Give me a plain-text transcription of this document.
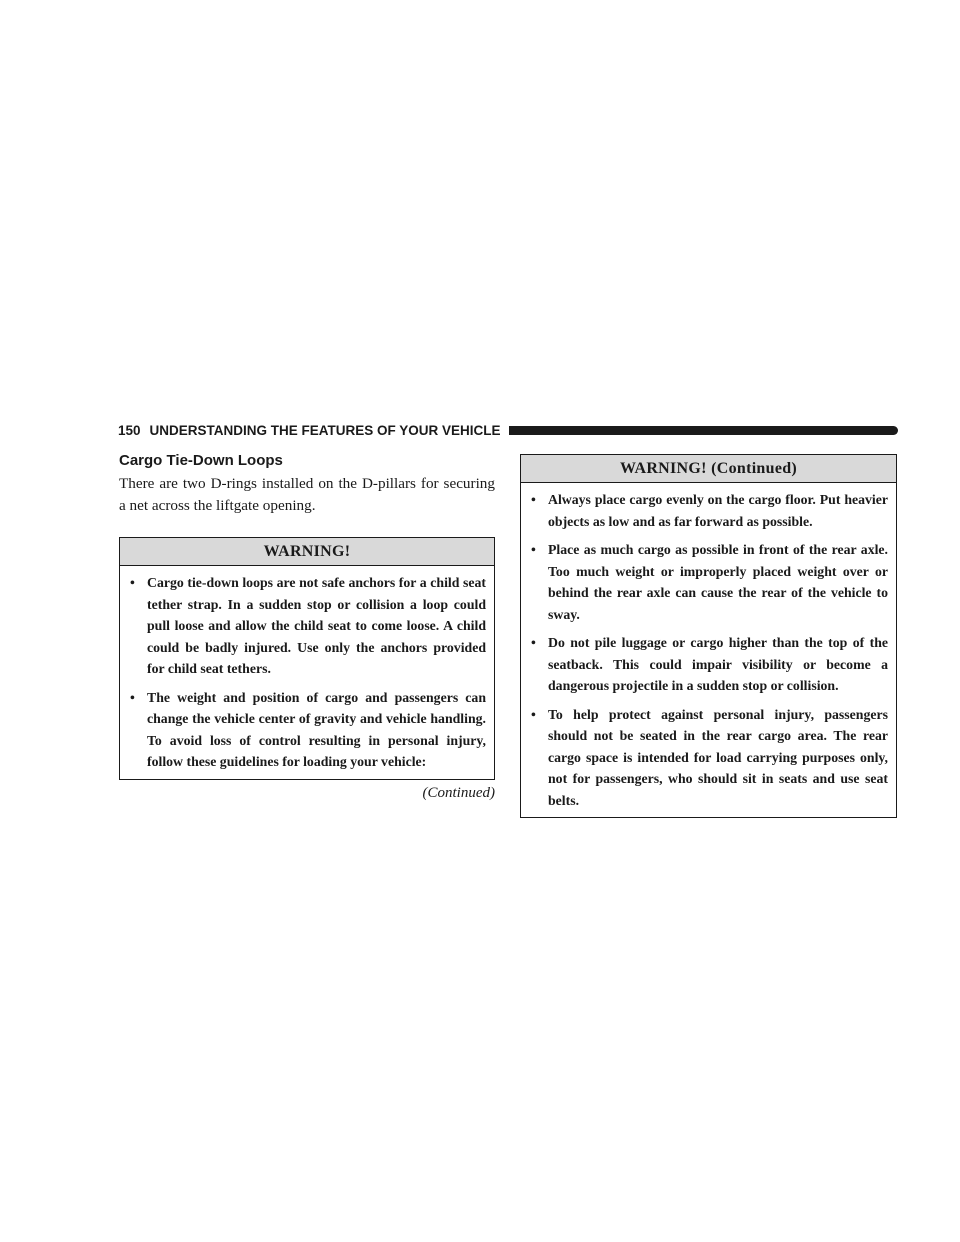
150 UNDERSTANDING THE FEATURES OF YOUR VEHICLE
Cargo Tie-Down Loops

There are two D-rings installed on the D-pillars for securing a net across the liftgate opening.

WARNING!
• Cargo tie-down loops are not safe anchors for a child seat tether strap. In a sudden stop or collision a loop could pull loose and allow the child seat to come loose. A child could be badly injured. Use only the anchors provided for child seat tethers.
• The weight and position of cargo and passengers can change the vehicle center of gravity and vehicle handling. To avoid loss of control resulting in personal injury, follow these guidelines for loading your vehicle:
(Continued)
WARNING! (Continued)
• Always place cargo evenly on the cargo floor. Put heavier objects as low and as far forward as possible.
• Place as much cargo as possible in front of the rear axle. Too much weight or improperly placed weight over or behind the rear axle can cause the rear of the vehicle to sway.
• Do not pile luggage or cargo higher than the top of the seatback. This could impair visibility or become a dangerous projectile in a sudden stop or collision.
• To help protect against personal injury, passengers should not be seated in the rear cargo area. The rear cargo space is intended for load carrying purposes only, not for passengers, who should sit in seats and use seat belts.
